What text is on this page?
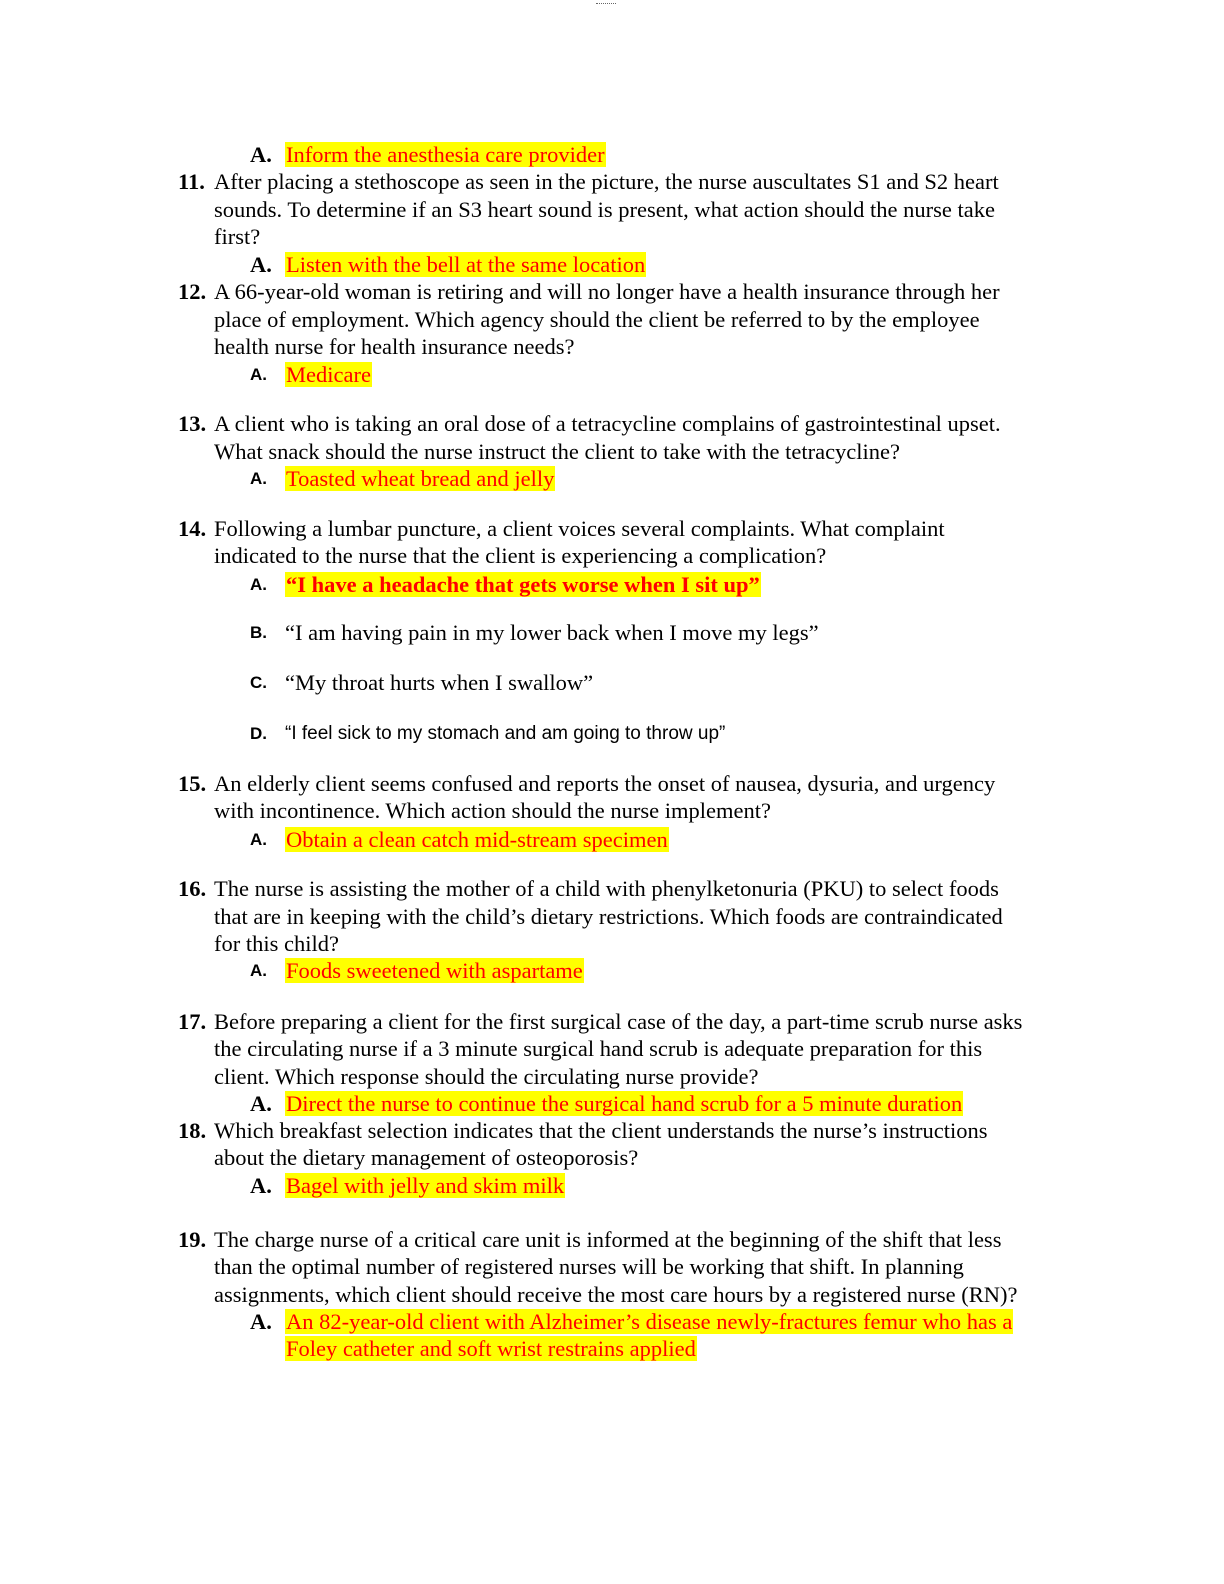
A. Inform the anesthesia care provider
11. After placing a stethoscope as seen in the picture, the nurse auscultates S1 and S2 heart
sounds. To determine if an S3 heart sound is present, what action should the nurse take
first?
A. Listen with the bell at the same location
12. A 66-year-old woman is retiring and will no longer have a health insurance through her
place of employment. Which agency should the client be referred to by the employee
health nurse for health insurance needs?
A. Medicare
13. A client who is taking an oral dose of a tetracycline complains of gastrointestinal upset.
What snack should the nurse instruct the client to take with the tetracycline?
A. Toasted wheat bread and jelly
14. Following a lumbar puncture, a client voices several complaints. What complaint
indicated to the nurse that the client is experiencing a complication?
A. “I have a headache that gets worse when I sit up”
B. “I am having pain in my lower back when I move my legs”
C. “My throat hurts when I swallow”
D. “I feel sick to my stomach and am going to throw up”
15. An elderly client seems confused and reports the onset of nausea, dysuria, and urgency
with incontinence. Which action should the nurse implement?
A. Obtain a clean catch mid-stream specimen
16. The nurse is assisting the mother of a child with phenylketonuria (PKU) to select foods
that are in keeping with the child’s dietary restrictions. Which foods are contraindicated
for this child?
A. Foods sweetened with aspartame
17. Before preparing a client for the first surgical case of the day, a part-time scrub nurse asks
the circulating nurse if a 3 minute surgical hand scrub is adequate preparation for this
client. Which response should the circulating nurse provide?
A. Direct the nurse to continue the surgical hand scrub for a 5 minute duration
18. Which breakfast selection indicates that the client understands the nurse’s instructions
about the dietary management of osteoporosis?
A. Bagel with jelly and skim milk
19. The charge nurse of a critical care unit is informed at the beginning of the shift that less
than the optimal number of registered nurses will be working that shift. In planning
assignments, which client should receive the most care hours by a registered nurse (RN)?
A. An 82-year-old client with Alzheimer’s disease newly-fractures femur who has a
Foley catheter and soft wrist restrains applied
